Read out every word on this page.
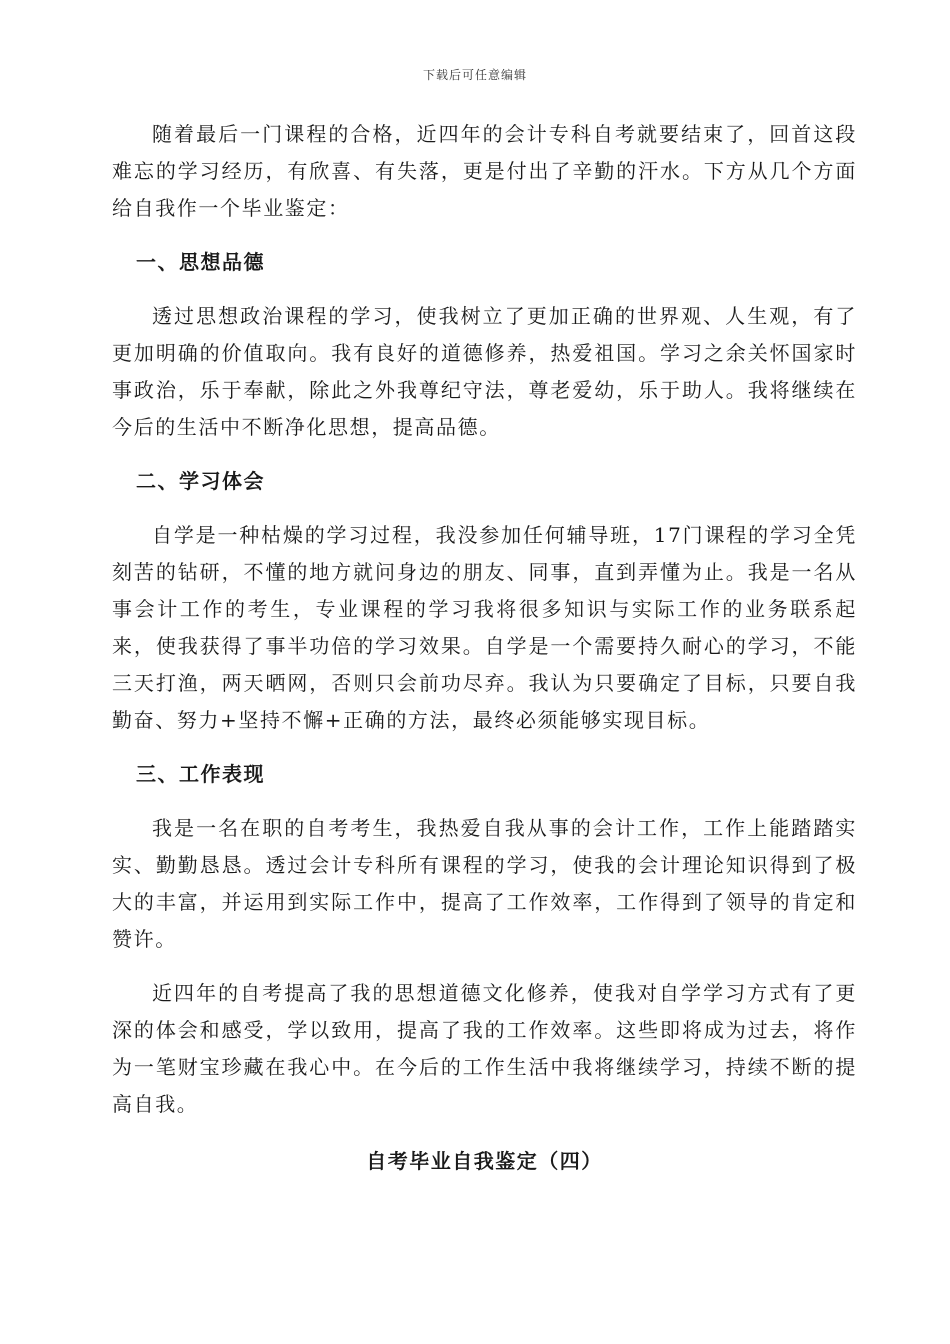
下载后可任意编辑

随着最后一门课程的合格，近四年的会计专科自考就要结束了，回首这段难忘的学习经历，有欣喜、有失落，更是付出了辛勤的汗水。下方从几个方面给自我作一个毕业鉴定：

一、思想品德

透过思想政治课程的学习，使我树立了更加正确的世界观、人生观，有了更加明确的价值取向。我有良好的道德修养，热爱祖国。学习之余关怀国家时事政治，乐于奉献，除此之外我尊纪守法，尊老爱幼，乐于助人。我将继续在今后的生活中不断净化思想，提高品德。

二、学习体会

自学是一种枯燥的学习过程，我没参加任何辅导班，17门课程的学习全凭刻苦的钻研，不懂的地方就问身边的朋友、同事，直到弄懂为止。我是一名从事会计工作的考生，专业课程的学习我将很多知识与实际工作的业务联系起来，使我获得了事半功倍的学习效果。自学是一个需要持久耐心的学习，不能三天打渔，两天晒网，否则只会前功尽弃。我认为只要确定了目标，只要自我勤奋、努力+坚持不懈+正确的方法，最终必须能够实现目标。

三、工作表现

我是一名在职的自考考生，我热爱自我从事的会计工作，工作上能踏踏实实、勤勤恳恳。透过会计专科所有课程的学习，使我的会计理论知识得到了极大的丰富，并运用到实际工作中，提高了工作效率，工作得到了领导的肯定和赞许。

近四年的自考提高了我的思想道德文化修养，使我对自学学习方式有了更深的体会和感受，学以致用，提高了我的工作效率。这些即将成为过去，将作为一笔财宝珍藏在我心中。在今后的工作生活中我将继续学习，持续不断的提高自我。

自考毕业自我鉴定（四）
